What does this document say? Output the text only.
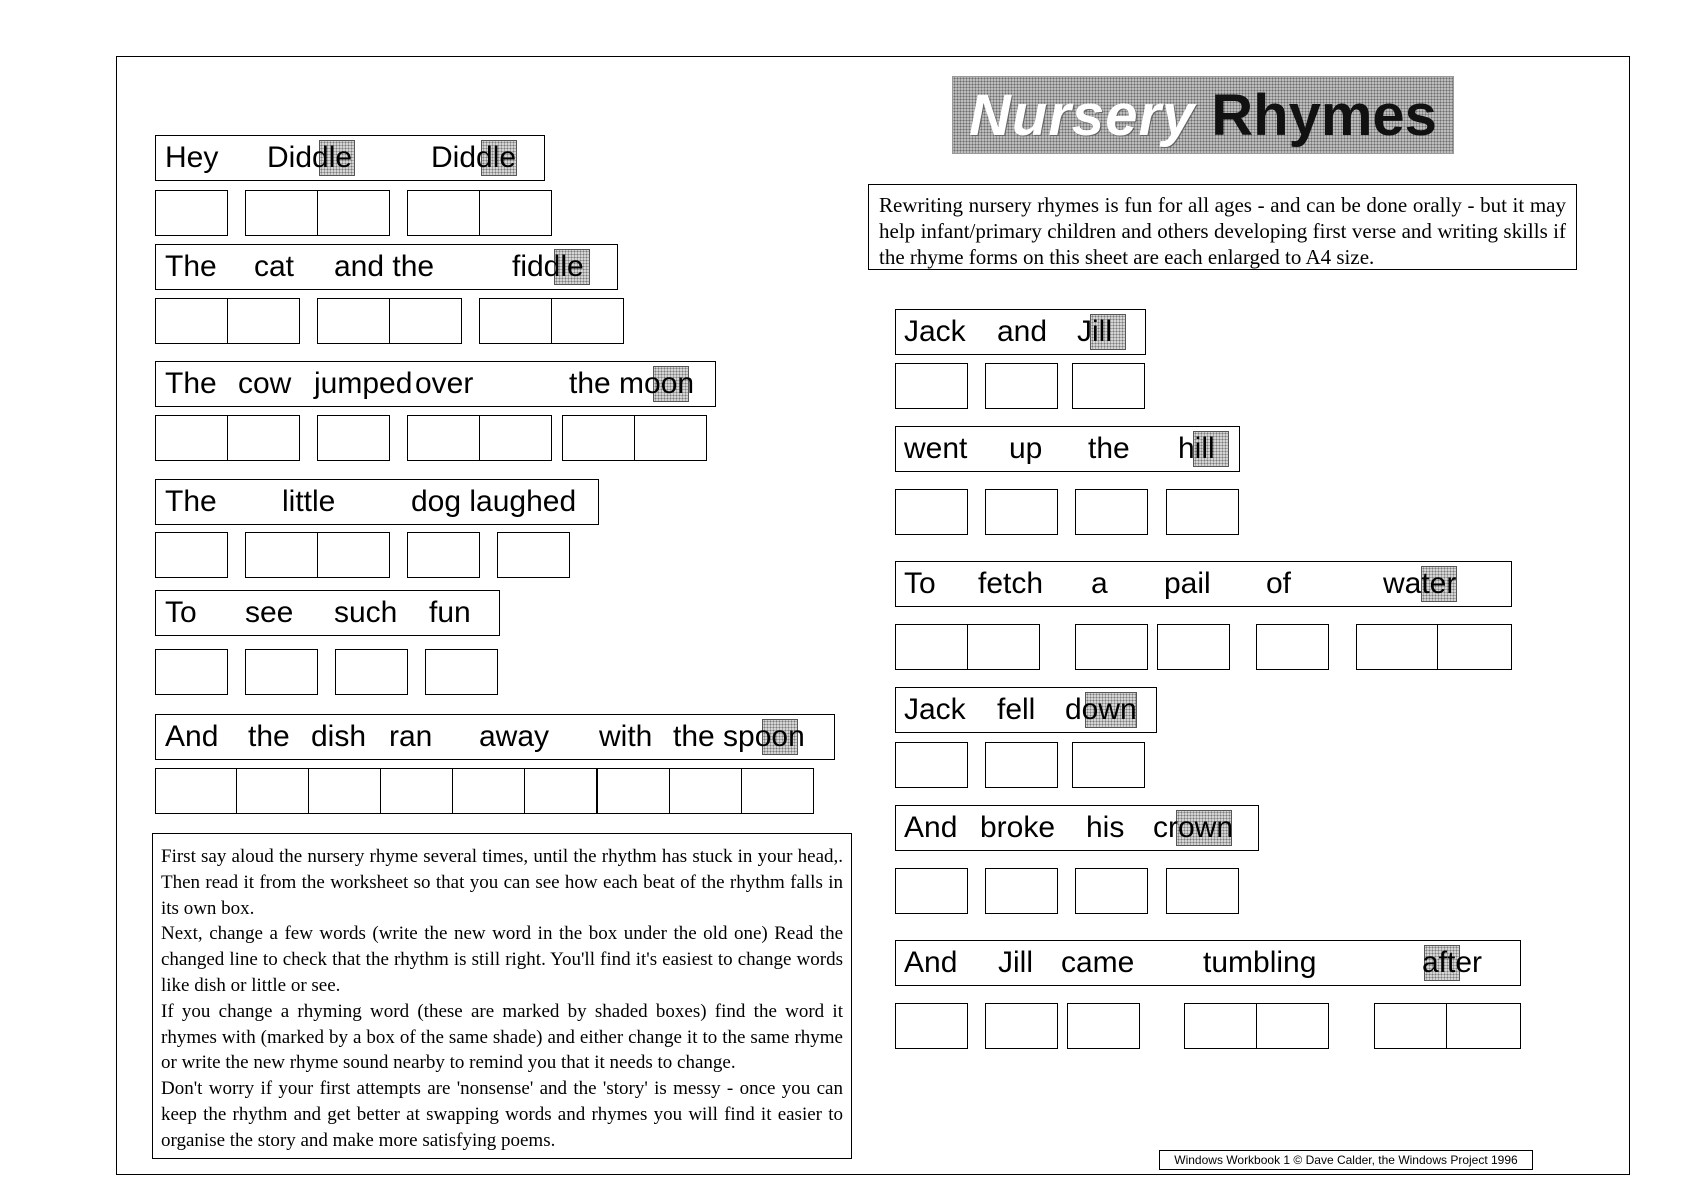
Nursery Rhymes
Rewriting nursery rhymes is fun for all ages - and can be done orally - but it may help infant/primary children and others developing first verse and writing skills if the rhyme forms on this sheet are each enlarged to A4 size.
Hey Diddle	Diddle
The cat and the	fiddle
The cow jumped over	the moon
The little	dog laughed
To see such fun
And the dish ran away with the spoon

First say aloud the nursery rhyme several times, until the rhythm has stuck in your head,. Then read it from the worksheet so that you can see how each beat of the rhythm falls in its own box.

Next, change a few words (write the new word in the box under the old one) Read the changed line to check that the rhythm is still right. You'll find it's easiest to change words like dish or little or see.

If you change a rhyming word (these are marked by shaded boxes) find the word it rhymes with (marked by a box of the same shade) and either change it to the same rhyme or write the new rhyme sound nearby to remind you that it needs to change.

Don't worry if your first attempts are 'nonsense' and the 'story' is messy - once you can keep the rhythm and get better at swapping words and rhymes you will find it easier to organise the story and make more satisfying poems.

Jack and Jill
went up the hill
To fetch a pail of	water
Jack fell down
And broke his crown
And Jill came tumbling	after
Windows Workbook 1 © Dave Calder, the Windows Project 1996
